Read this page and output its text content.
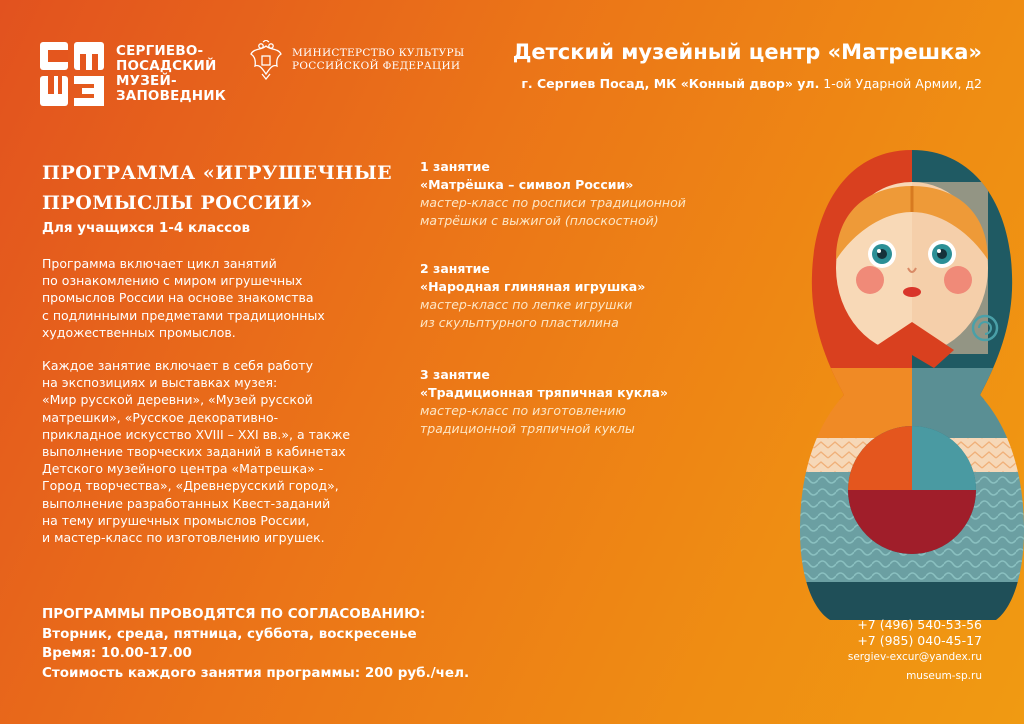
СЕРГИЕВО-
ПОСАДСКИЙ
МУЗЕЙ-
ЗАПОВЕДНИК
МИНИСТЕРСТВО КУЛЬТУРЫ
РОССИЙСКОЙ ФЕДЕРАЦИИ
Детский музейный центр «Матрешка»
г. Сергиев Посад, МК «Конный двор» ул. 1-ой Ударной Армии, д2
ПРОГРАММА «ИГРУШЕЧНЫЕ
ПРОМЫСЛЫ РОССИИ»
Для учащихся 1-4 классов
Программа включает цикл занятий
по ознакомлению с миром игрушечных
промыслов России на основе знакомства
с подлинными предметами традиционных
художественных промыслов.
Каждое занятие включает в себя работу
на экспозициях и выставках музея:
«Мир русской деревни», «Музей русской
матрешки», «Русское декоративно-
прикладное искусство XVIII – XXI вв.», а также
выполнение творческих заданий в кабинетах
Детского музейного центра «Матрешка» -
Город творчества», «Древнерусский город»,
выполнение разработанных Квест-заданий
на тему игрушечных промыслов России,
и мастер-класс по изготовлению игрушек.
1 занятие
«Матрёшка – символ России»
мастер-класс по росписи традиционной
матрёшки с выжигой (плоскостной)
2 занятие
«Народная глиняная игрушка»
мастер-класс по лепке игрушки
из скульптурного пластилина
3 занятие
«Традиционная тряпичная кукла»
мастер-класс по изготовлению
традиционной тряпичной куклы
ПРОГРАММЫ ПРОВОДЯТСЯ ПО СОГЛАСОВАНИЮ:
Вторник, среда, пятница, суббота, воскресенье
Время: 10.00-17.00
Стоимость каждого занятия программы: 200 руб./чел.
+7 (496) 540-53-56
+7 (985) 040-45-17
sergiev-excur@yandex.ru
museum-sp.ru
